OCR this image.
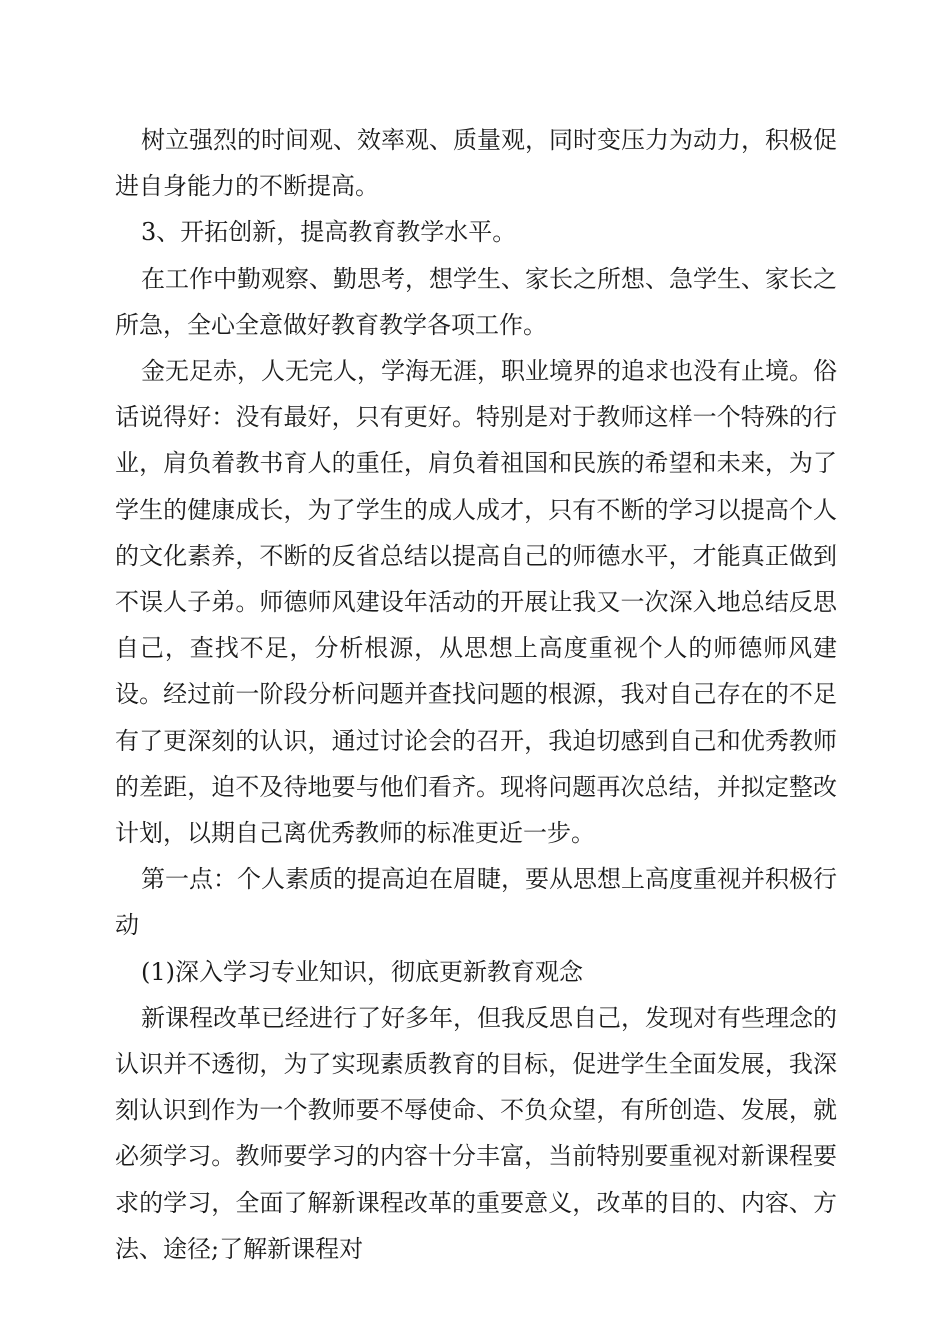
树立强烈的时间观、效率观、质量观，同时变压力为动力，积极促进自身能力的不断提高。

3、开拓创新，提高教育教学水平。

在工作中勤观察、勤思考，想学生、家长之所想、急学生、家长之所急，全心全意做好教育教学各项工作。

金无足赤，人无完人，学海无涯，职业境界的追求也没有止境。俗话说得好：没有最好，只有更好。特别是对于教师这样一个特殊的行业，肩负着教书育人的重任，肩负着祖国和民族的希望和未来，为了学生的健康成长，为了学生的成人成才，只有不断的学习以提高个人的文化素养，不断的反省总结以提高自己的师德水平，才能真正做到不误人子弟。师德师风建设年活动的开展让我又一次深入地总结反思自己，查找不足，分析根源，从思想上高度重视个人的师德师风建设。经过前一阶段分析问题并查找问题的根源，我对自己存在的不足有了更深刻的认识，通过讨论会的召开，我迫切感到自己和优秀教师的差距，迫不及待地要与他们看齐。现将问题再次总结，并拟定整改计划，以期自己离优秀教师的标准更近一步。

第一点：个人素质的提高迫在眉睫，要从思想上高度重视并积极行动

(1)深入学习专业知识，彻底更新教育观念

新课程改革已经进行了好多年，但我反思自己，发现对有些理念的认识并不透彻，为了实现素质教育的目标，促进学生全面发展，我深刻认识到作为一个教师要不辱使命、不负众望，有所创造、发展，就必须学习。教师要学习的内容十分丰富，当前特别要重视对新课程要求的学习，全面了解新课程改革的重要意义，改革的目的、内容、方法、途径;了解新课程对
